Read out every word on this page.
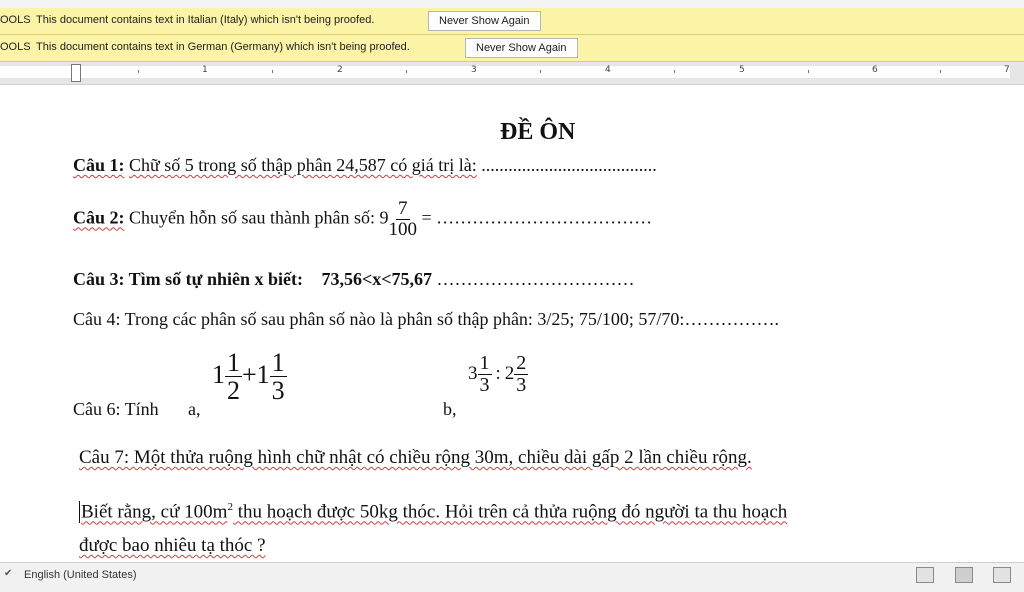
OOLS This document contains text in Italian (Italy) which isn't being proofed.	Never Show Again
OOLS This document contains text in German (Germany) which isn't being proofed.	Never Show Again
1	2	3	4	5	6	7
ĐỀ ÔN
Câu 1: Chữ số 5 trong số thập phân 24,587 có giá trị là: .......................................
Câu 2: Chuyển hỗn số sau thành phân số: $9 \frac{7}{100}$ = ………………………………
Câu 3: Tìm số tự nhiên x biết: 73,56<x<75,67 ……………………………
Câu 4: Trong các phân số sau phân số nào là phân số thập phân: 3/25; 75/100; 57/70:…………….
Câu 6: Tính a,
$1 \frac{1}{2} +1 \frac{1}{3}$
b,
$3 \frac{1}{3}$ : $2 \frac{2}{3}$
Câu 7: Một thửa ruộng hình chữ nhật có chiều rộng 30m, chiều dài gấp 2 lần chiều rộng.
Biết rằng, cứ $100m^2$ thu hoạch được 50kg thóc. Hỏi trên cả thửa ruộng đó người ta thu hoạch
được bao nhiêu tạ thóc ?
✔ English (United States)
